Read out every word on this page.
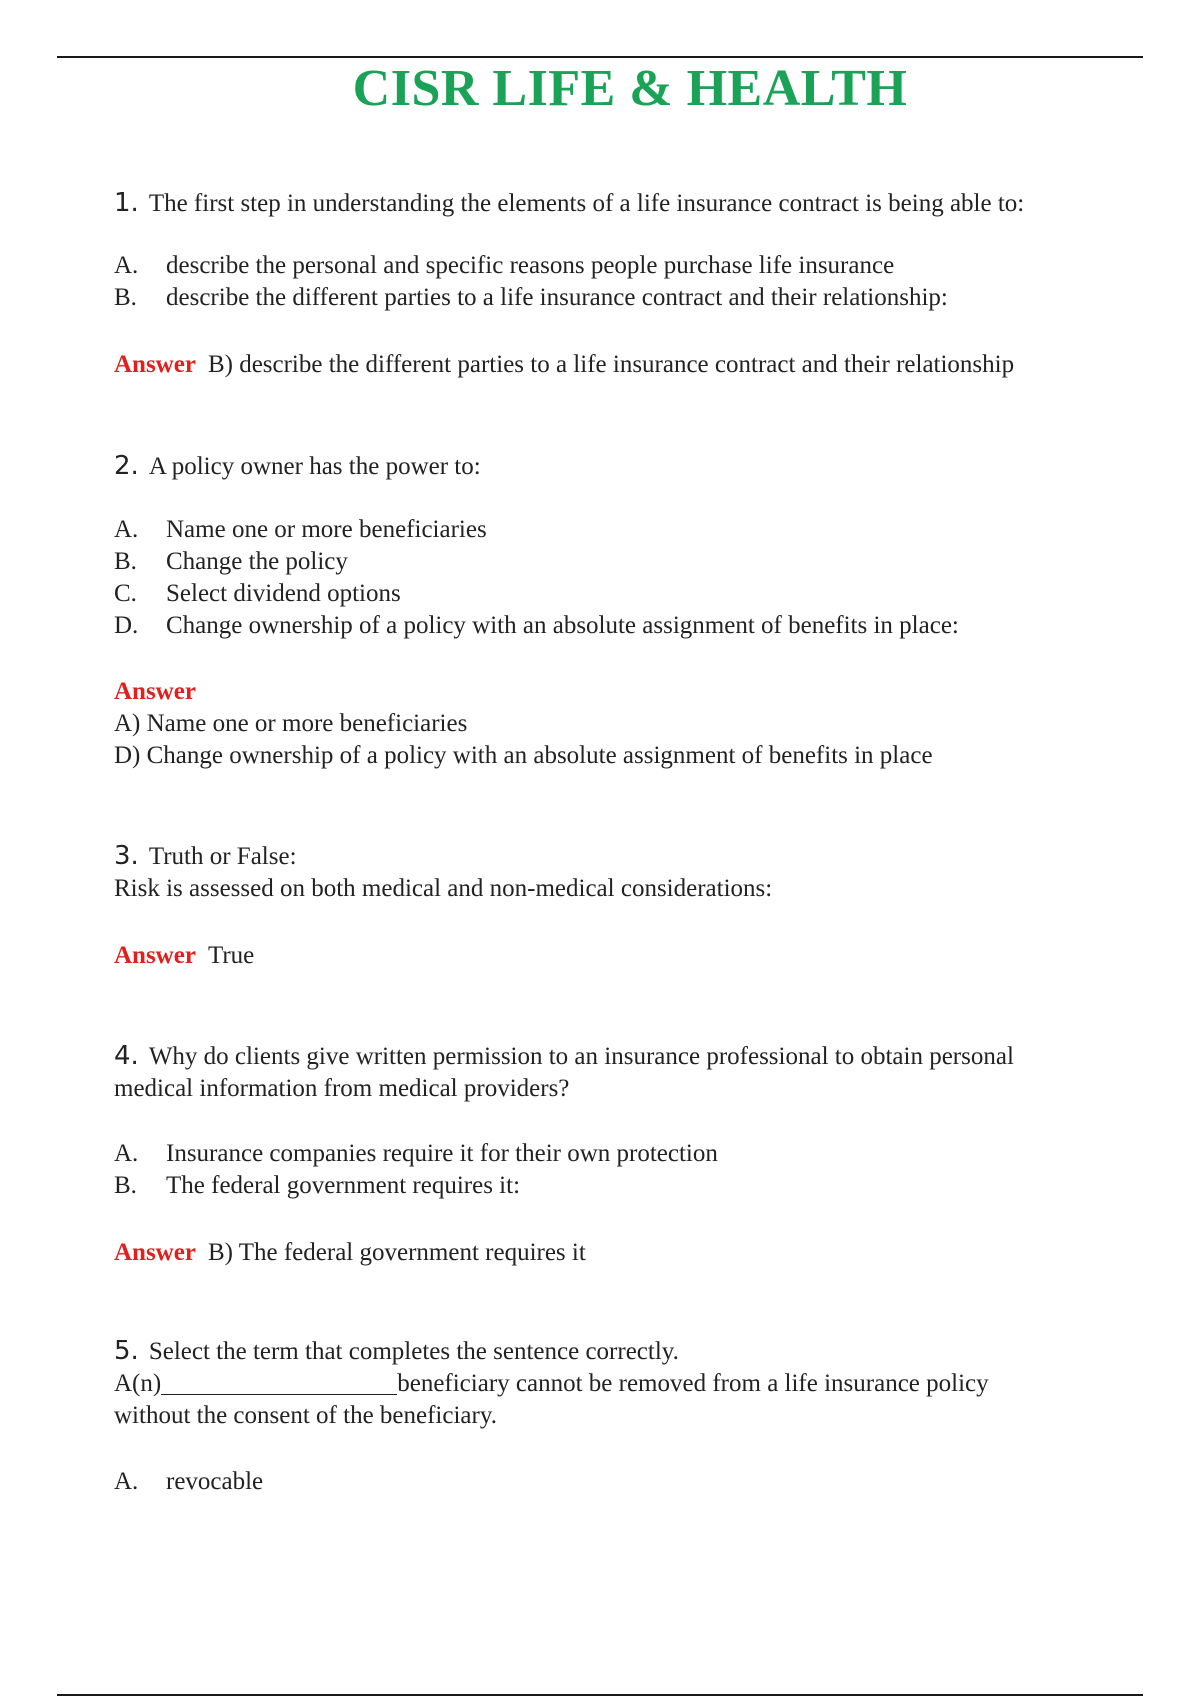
CISR LIFE & HEALTH
1. The first step in understanding the elements of a life insurance contract is being able to:
A.	describe the personal and specific reasons people purchase life insurance
B.	describe the different parties to a life insurance contract and their relationship:
Answer B) describe the different parties to a life insurance contract and their relationship
2. A policy owner has the power to:
A.	Name one or more beneficiaries
B.	Change the policy
C.	Select dividend options
D.	Change ownership of a policy with an absolute assignment of benefits in place:
Answer
A) Name one or more beneficiaries
D) Change ownership of a policy with an absolute assignment of benefits in place
3. Truth or False:
Risk is assessed on both medical and non-medical considerations:
Answer True
4. Why do clients give written permission to an insurance professional to obtain personal
medical information from medical providers?
A.	Insurance companies require it for their own protection
B.	The federal government requires it:
Answer B) The federal government requires it
5. Select the term that completes the sentence correctly.
A(n)	beneficiary cannot be removed from a life insurance policy
without the consent of the beneficiary.
A.	revocable
